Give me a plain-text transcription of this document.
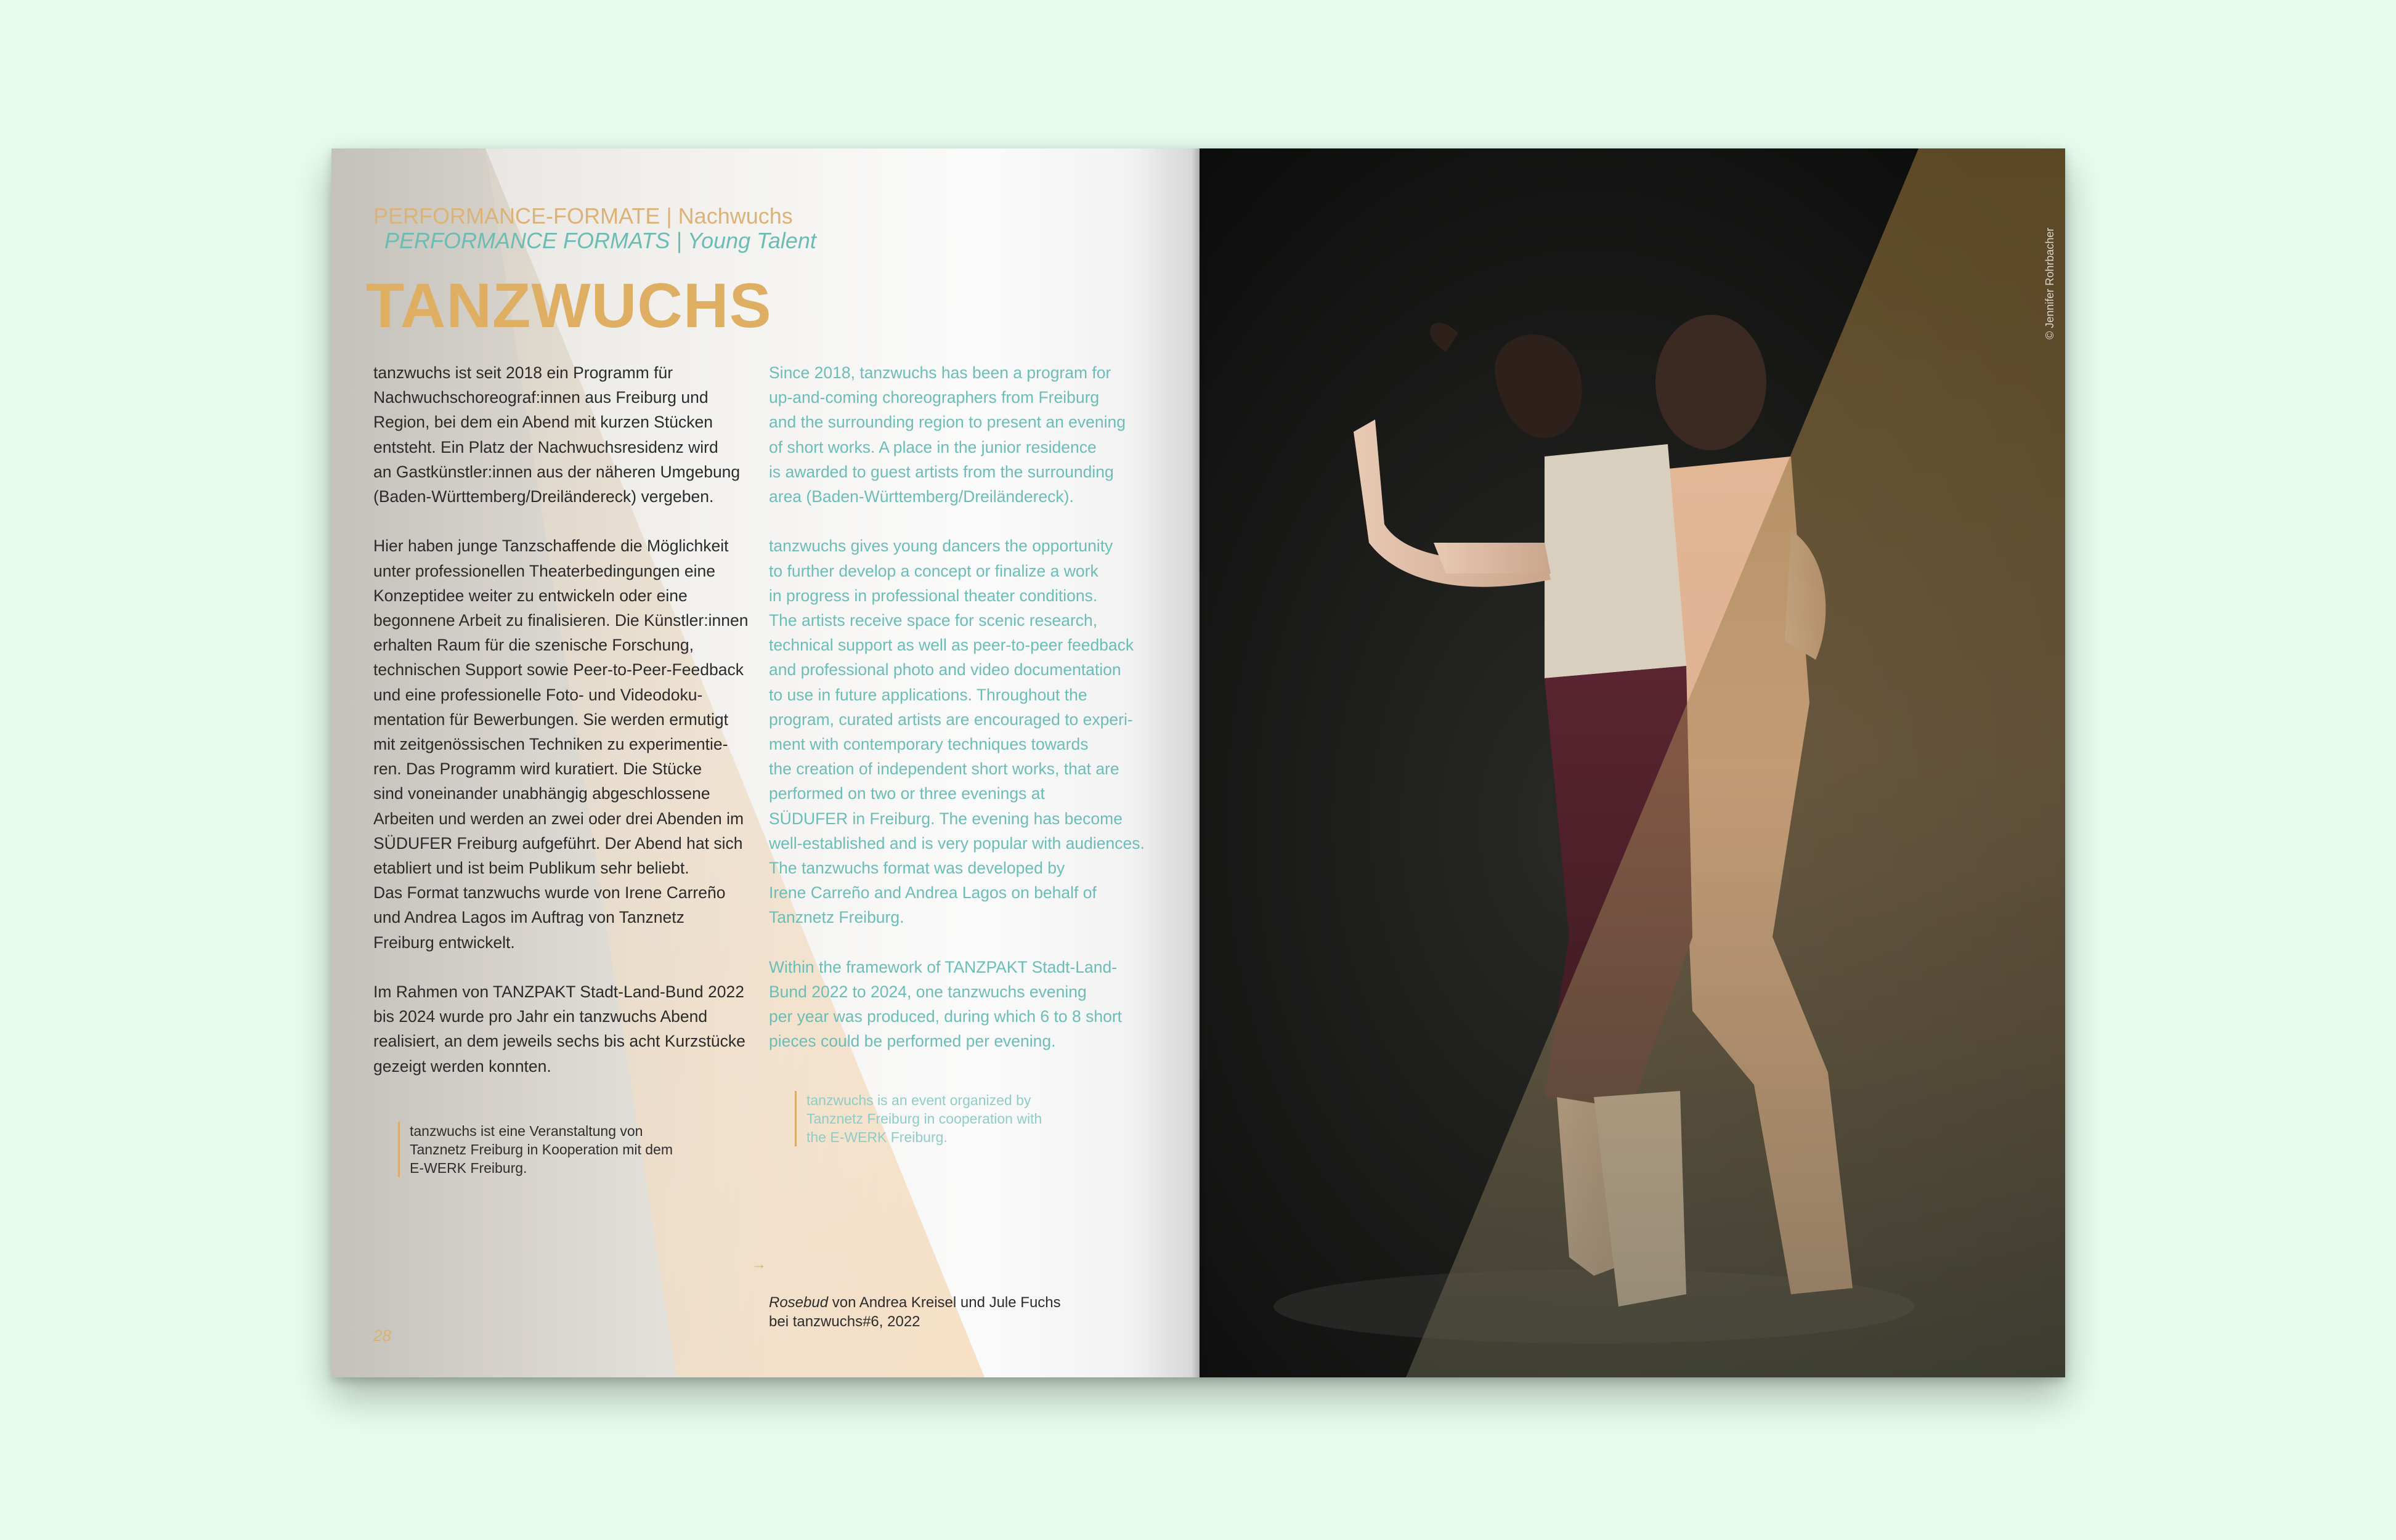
PERFORMANCE-FORMATE | Nachwuchs
PERFORMANCE FORMATS | Young Talent
TANZWUCHS
tanzwuchs ist seit 2018 ein Programm für
Nachwuchschoreograf:innen aus Freiburg und
Region, bei dem ein Abend mit kurzen Stücken
entsteht. Ein Platz der Nachwuchsresidenz wird
an Gastkünstler:innen aus der näheren Umgebung
(Baden-Württemberg/Dreiländereck) vergeben.

Hier haben junge Tanzschaffende die Möglichkeit
unter professionellen Theaterbedingungen eine
Konzeptidee weiter zu entwickeln oder eine
begonnene Arbeit zu finalisieren. Die Künstler:innen
erhalten Raum für die szenische Forschung,
technischen Support sowie Peer-to-Peer-Feedback
und eine professionelle Foto- und Videodoku-
mentation für Bewerbungen. Sie werden ermutigt
mit zeitgenössischen Techniken zu experimentie-
ren. Das Programm wird kuratiert. Die Stücke
sind voneinander unabhängig abgeschlossene
Arbeiten und werden an zwei oder drei Abenden im
SÜDUFER Freiburg aufgeführt. Der Abend hat sich
etabliert und ist beim Publikum sehr beliebt.
Das Format tanzwuchs wurde von Irene Carreño
und Andrea Lagos im Auftrag von Tanznetz
Freiburg entwickelt.

Im Rahmen von TANZPAKT Stadt-Land-Bund 2022
bis 2024 wurde pro Jahr ein tanzwuchs Abend
realisiert, an dem jeweils sechs bis acht Kurzstücke
gezeigt werden konnten.
Since 2018, tanzwuchs has been a program for
up-and-coming choreographers from Freiburg
and the surrounding region to present an evening
of short works. A place in the junior residence
is awarded to guest artists from the surrounding
area (Baden-Württemberg/Dreiländereck).

tanzwuchs gives young dancers the opportunity
to further develop a concept or finalize a work
in progress in professional theater conditions.
The artists receive space for scenic research,
technical support as well as peer-to-peer feedback
and professional photo and video documentation
to use in future applications. Throughout the
program, curated artists are encouraged to experi-
ment with contemporary techniques towards
the creation of independent short works, that are
performed on two or three evenings at
SÜDUFER in Freiburg. The evening has become
well-established and is very popular with audiences.
The tanzwuchs format was developed by
Irene Carreño and Andrea Lagos on behalf of
Tanznetz Freiburg.

Within the framework of TANZPAKT Stadt-Land-
Bund 2022 to 2024, one tanzwuchs evening
per year was produced, during which 6 to 8 short
pieces could be performed per evening.
tanzwuchs ist eine Veranstaltung von
Tanznetz Freiburg in Kooperation mit dem
E-WERK Freiburg.
tanzwuchs is an event organized by
Tanznetz Freiburg in cooperation with
the E-WERK Freiburg.

→

Rosebud von Andrea Kreisel und Jule Fuchs

bei tanzwuchs#6, 2022

28
© Jennifer Rohrbacher
